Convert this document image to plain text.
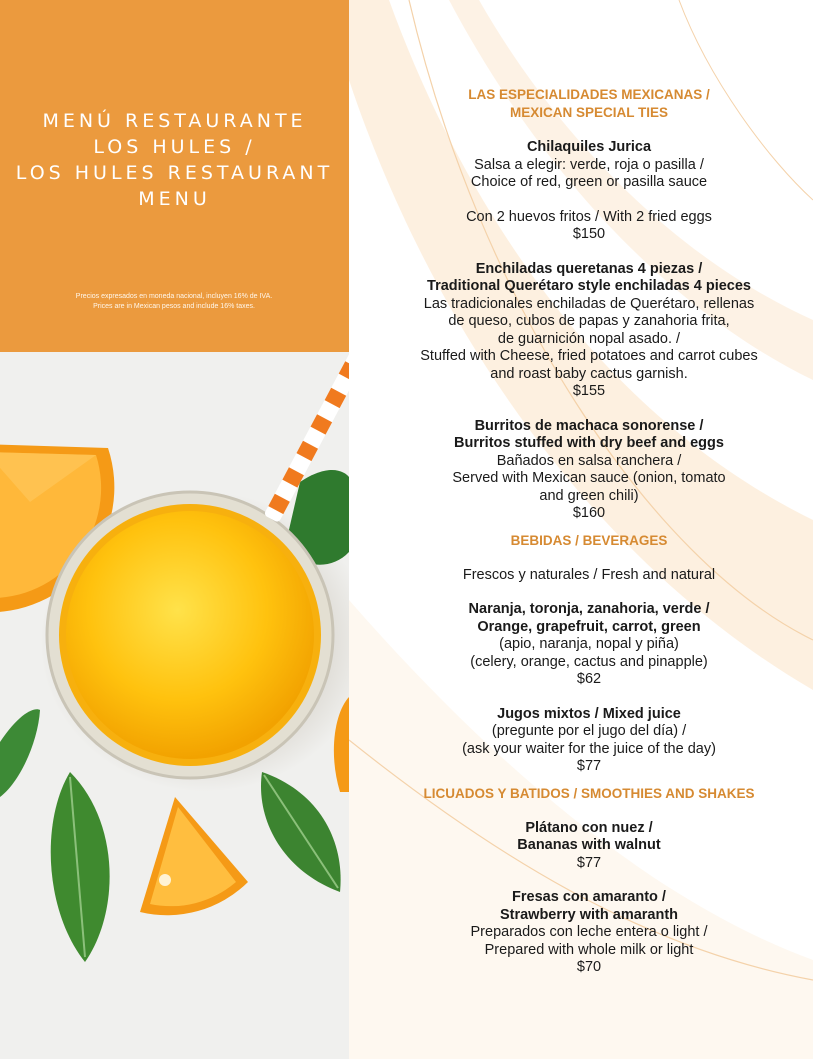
MENÚ RESTAURANTE
LOS HULES /
LOS HULES RESTAURANT
MENU
Precios expresados en moneda nacional, incluyen 16% de IVA.
Prices are in Mexican pesos and include 16% taxes.
LAS ESPECIALIDADES MEXICANAS /
MEXICAN SPECIAL TIES
Chilaquiles Jurica
Salsa a elegir: verde, roja o pasilla /
Choice of red, green or pasilla sauce
Con 2 huevos fritos / With 2 fried eggs
$150
Enchiladas queretanas 4 piezas /
Traditional Querétaro style enchiladas 4 pieces
Las tradicionales enchiladas de Querétaro, rellenas
de queso, cubos de papas y zanahoria frita,
de guarnición nopal asado. /
Stuffed with Cheese, fried potatoes and carrot cubes
and roast baby cactus garnish.
$155
Burritos de machaca sonorense /
Burritos stuffed with dry beef and eggs
Bañados en salsa ranchera /
Served with Mexican sauce (onion, tomato
and green chili)
$160
BEBIDAS / BEVERAGES
Frescos y naturales / Fresh and natural
Naranja, toronja, zanahoria, verde /
Orange, grapefruit, carrot, green
(apio, naranja, nopal y piña)
(celery, orange, cactus and pinapple)
$62
Jugos mixtos / Mixed juice
(pregunte por el jugo del día) /
(ask your waiter for the juice of the day)
$77
LICUADOS Y BATIDOS / SMOOTHIES AND SHAKES
Plátano con nuez /
Bananas with walnut
$77
Fresas con amaranto /
Strawberry with amaranth
Preparados con leche entera o light /
Prepared with whole milk or light
$70
